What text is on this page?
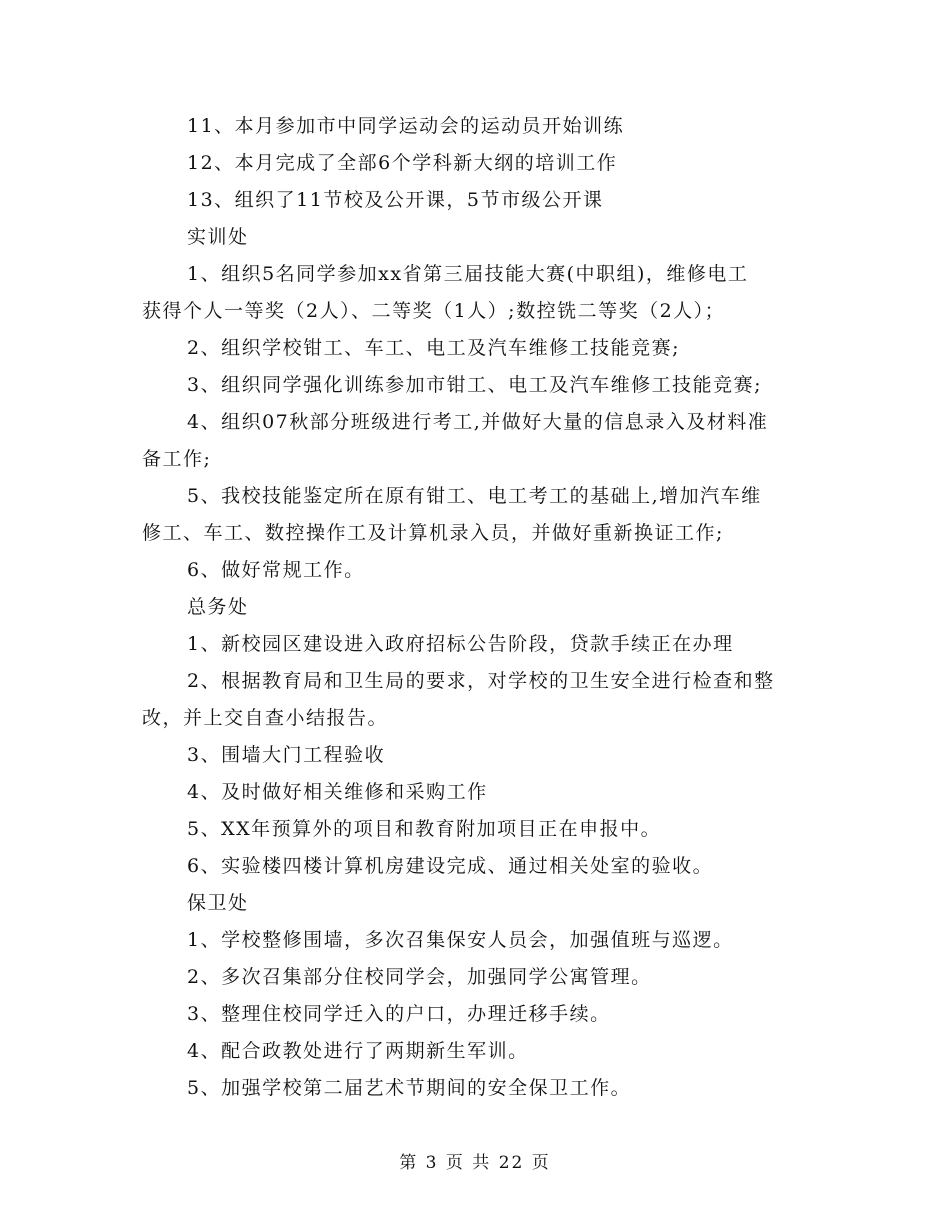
11、本月参加市中同学运动会的运动员开始训练
12、本月完成了全部6个学科新大纲的培训工作
13、组织了11节校及公开课，5节市级公开课
实训处
1、组织5名同学参加xx省第三届技能大赛(中职组)，维修电工
获得个人一等奖（2人）、二等奖（1人）;数控铣二等奖（2人）；
2、组织学校钳工、车工、电工及汽车维修工技能竞赛;
3、组织同学强化训练参加市钳工、电工及汽车维修工技能竞赛;
4、组织07秋部分班级进行考工,并做好大量的信息录入及材料准
备工作;
5、我校技能鉴定所在原有钳工、电工考工的基础上,增加汽车维
修工、车工、数控操作工及计算机录入员，并做好重新换证工作;
6、做好常规工作。
总务处
1、新校园区建设进入政府招标公告阶段，贷款手续正在办理
2、根据教育局和卫生局的要求，对学校的卫生安全进行检查和整
改，并上交自查小结报告。
3、围墙大门工程验收
4、及时做好相关维修和采购工作
5、XX年预算外的项目和教育附加项目正在申报中。
6、实验楼四楼计算机房建设完成、通过相关处室的验收。
保卫处
1、学校整修围墙，多次召集保安人员会，加强值班与巡逻。
2、多次召集部分住校同学会，加强同学公寓管理。
3、整理住校同学迁入的户口，办理迁移手续。
4、配合政教处进行了两期新生军训。
5、加强学校第二届艺术节期间的安全保卫工作。
第 3 页 共 22 页
